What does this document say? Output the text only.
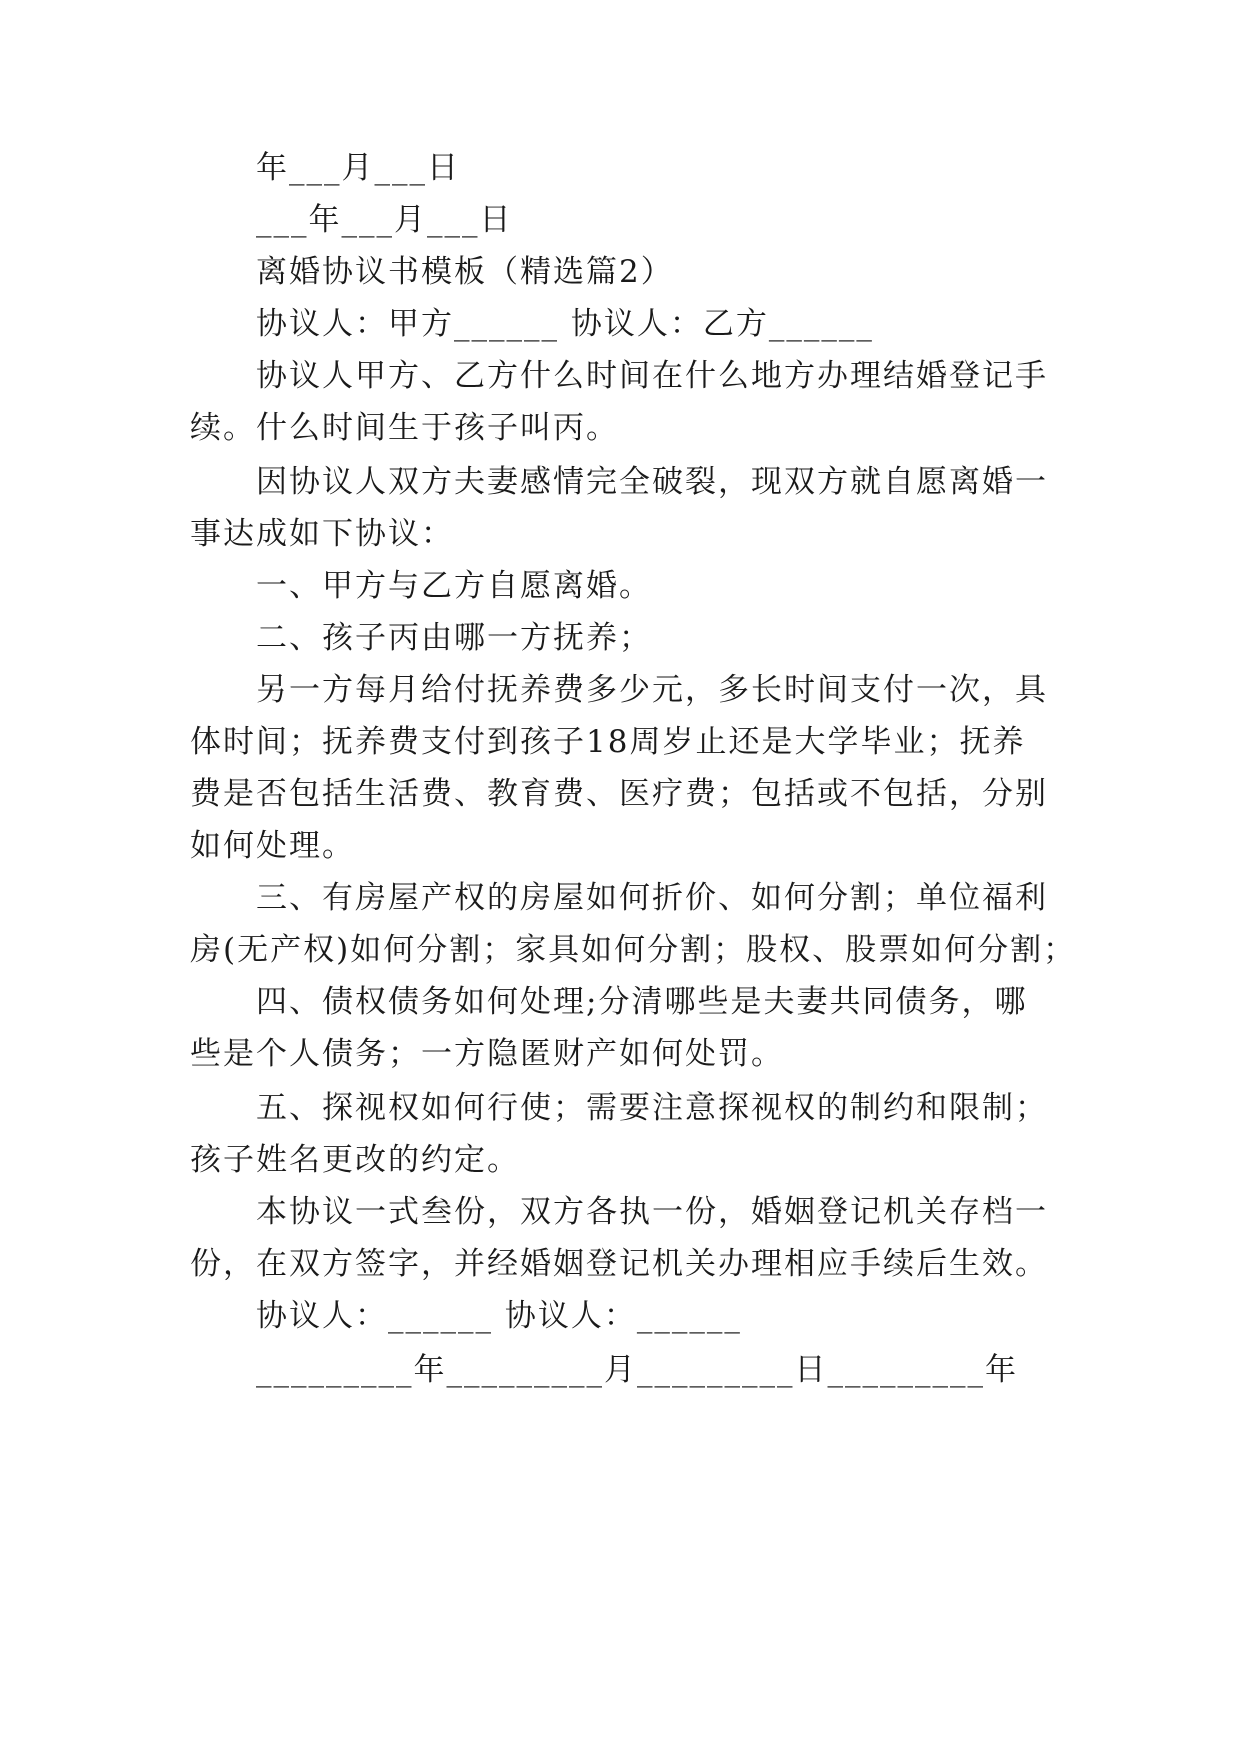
年___月___日
___年___月___日
离婚协议书模板（精选篇2）
协议人：甲方______ 协议人：乙方______
协议人甲方、乙方什么时间在什么地方办理结婚登记手
续。什么时间生于孩子叫丙。
因协议人双方夫妻感情完全破裂，现双方就自愿离婚一
事达成如下协议：
一、甲方与乙方自愿离婚。
二、孩子丙由哪一方抚养；
另一方每月给付抚养费多少元，多长时间支付一次，具
体时间；抚养费支付到孩子18周岁止还是大学毕业；抚养
费是否包括生活费、教育费、医疗费；包括或不包括，分别
如何处理。
三、有房屋产权的房屋如何折价、如何分割；单位福利
房(无产权)如何分割；家具如何分割；股权、股票如何分割；
四、债权债务如何处理;分清哪些是夫妻共同债务，哪
些是个人债务；一方隐匿财产如何处罚。
五、探视权如何行使；需要注意探视权的制约和限制；
孩子姓名更改的约定。
本协议一式叁份，双方各执一份，婚姻登记机关存档一
份，在双方签字，并经婚姻登记机关办理相应手续后生效。
协议人：______ 协议人：______
_________年_________月_________日_________年
